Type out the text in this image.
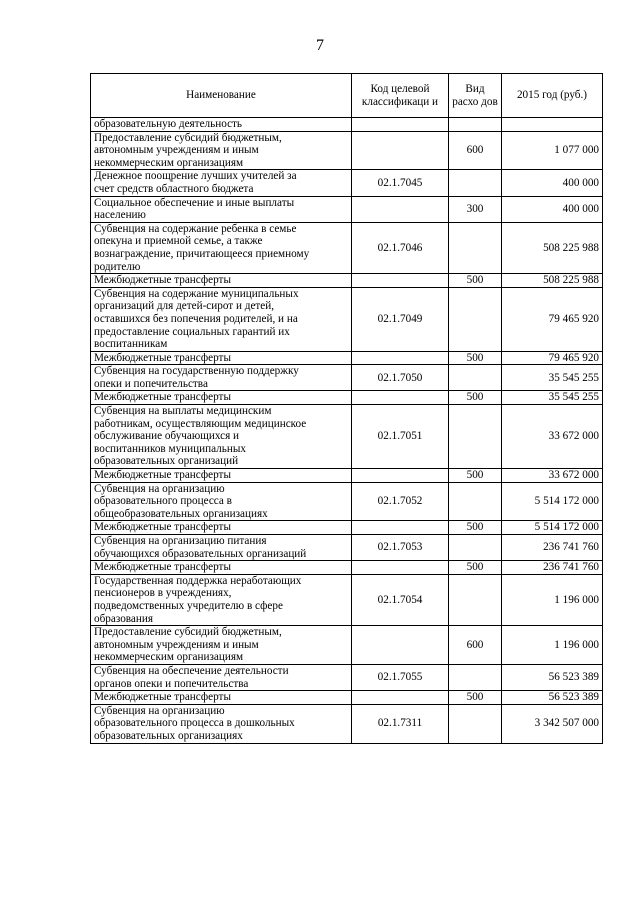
7
Наименование	Код целевой классификаци и	Вид расхо дов	2015 год (руб.)

образовательную деятельность			

Предоставление субсидий бюджетным,
автономным учреждениям и иным
некоммерческим организациям		600	1 077 000

Денежное поощрение лучших учителей за
счет средств областного бюджета	02.1.7045		400 000

Социальное обеспечение и иные выплаты
населению		300	400 000

Субвенция на содержание ребенка в семье
опекуна и приемной семье, а также
вознаграждение, причитающееся приемному
родителю	02.1.7046		508 225 988

Межбюджетные трансферты		500	508 225 988

Субвенция на содержание муниципальных
организаций для детей-сирот и детей,
оставшихся без попечения родителей, и на
предоставление социальных гарантий их
воспитанникам	02.1.7049		79 465 920

Межбюджетные трансферты		500	79 465 920

Субвенция на государственную поддержку
опеки и попечительства	02.1.7050		35 545 255

Межбюджетные трансферты		500	35 545 255

Субвенция на выплаты медицинским
работникам, осуществляющим медицинское
обслуживание обучающихся и
воспитанников муниципальных
образовательных организаций	02.1.7051		33 672 000

Межбюджетные трансферты		500	33 672 000

Субвенция на организацию
образовательного процесса в
общеобразовательных организациях	02.1.7052		5 514 172 000

Межбюджетные трансферты		500	5 514 172 000

Субвенция на организацию питания
обучающихся образовательных организаций	02.1.7053		236 741 760

Межбюджетные трансферты		500	236 741 760

Государственная поддержка неработающих
пенсионеров в учреждениях,
подведомственных учредителю в сфере
образования	02.1.7054		1 196 000

Предоставление субсидий бюджетным,
автономным учреждениям и иным
некоммерческим организациям		600	1 196 000

Субвенция на обеспечение деятельности
органов опеки и попечительства	02.1.7055		56 523 389

Межбюджетные трансферты		500	56 523 389

Субвенция на организацию
образовательного процесса в дошкольных
образовательных организациях	02.1.7311		3 342 507 000
